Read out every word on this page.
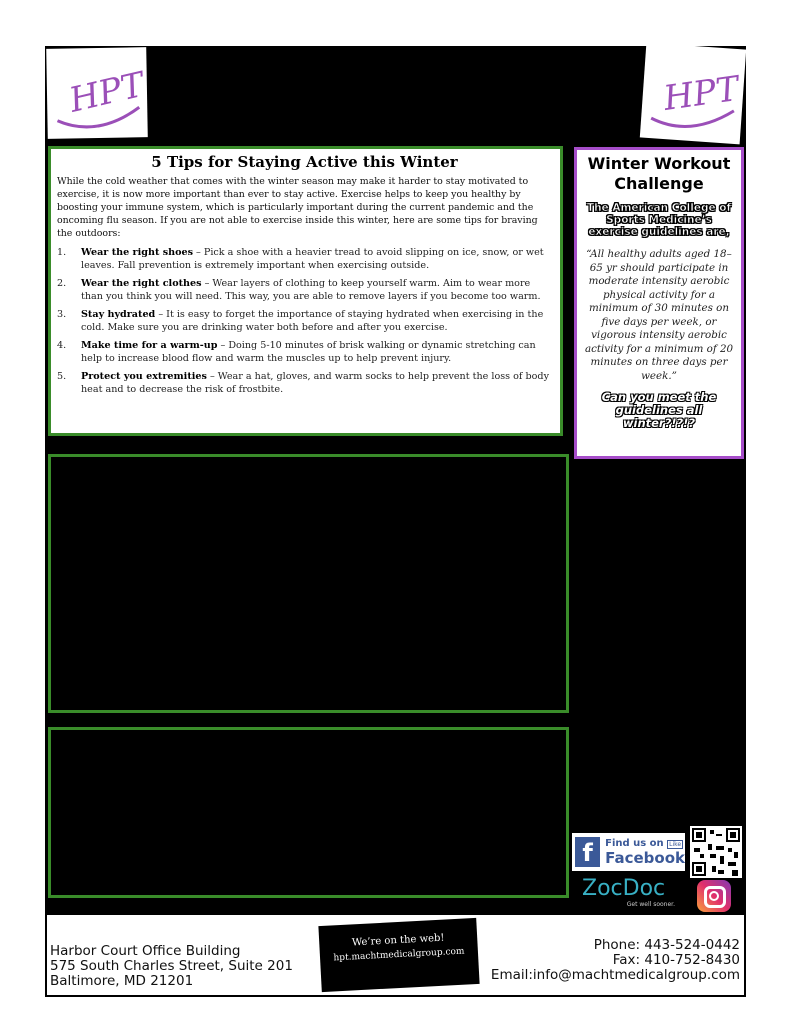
HPT	HPT
5 Tips for Staying Active this Winter

While the cold weather that comes with the winter season may make it harder to stay motivated to exercise, it is now more important than ever to stay active. Exercise helps to keep you healthy by boosting your immune system, which is particularly important during the current pandemic and the oncoming flu season. If you are not able to exercise inside this winter, here are some tips for braving the outdoors:

1.	Wear the right shoes – Pick a shoe with a heavier tread to avoid slipping on ice, snow, or wet leaves. Fall prevention is extremely important when exercising outside.
2.	Wear the right clothes – Wear layers of clothing to keep yourself warm. Aim to wear more than you think you will need. This way, you are able to remove layers if you become too warm.
3.	Stay hydrated – It is easy to forget the importance of staying hydrated when exercising in the cold. Make sure you are drinking water both before and after you exercise.
4.	Make time for a warm-up – Doing 5-10 minutes of brisk walking or dynamic stretching can help to increase blood flow and warm the muscles up to help prevent injury.
5.	Protect you extremities – Wear a hat, gloves, and warm socks to help prevent the loss of body heat and to decrease the risk of frostbite.
Winter Workout
Challenge
The American College of Sports Medicine’s exercise guidelines are,
“All healthy adults aged 18–65 yr should participate in moderate intensity aerobic physical activity for a minimum of 30 minutes on five days per week, or vigorous intensity aerobic activity for a minimum of 20 minutes on three days per week.”
Can you meet the guidelines all winter?!?!?
f	Find us on Like
Facebook
ZocDoc
Get well sooner.
Harbor Court Office Building
575 South Charles Street, Suite 201
Baltimore, MD 21201
We’re on the web!
hpt.machtmedicalgroup.com
Phone: 443-524-0442
Fax: 410-752-8430
Email:info@machtmedicalgroup.com
